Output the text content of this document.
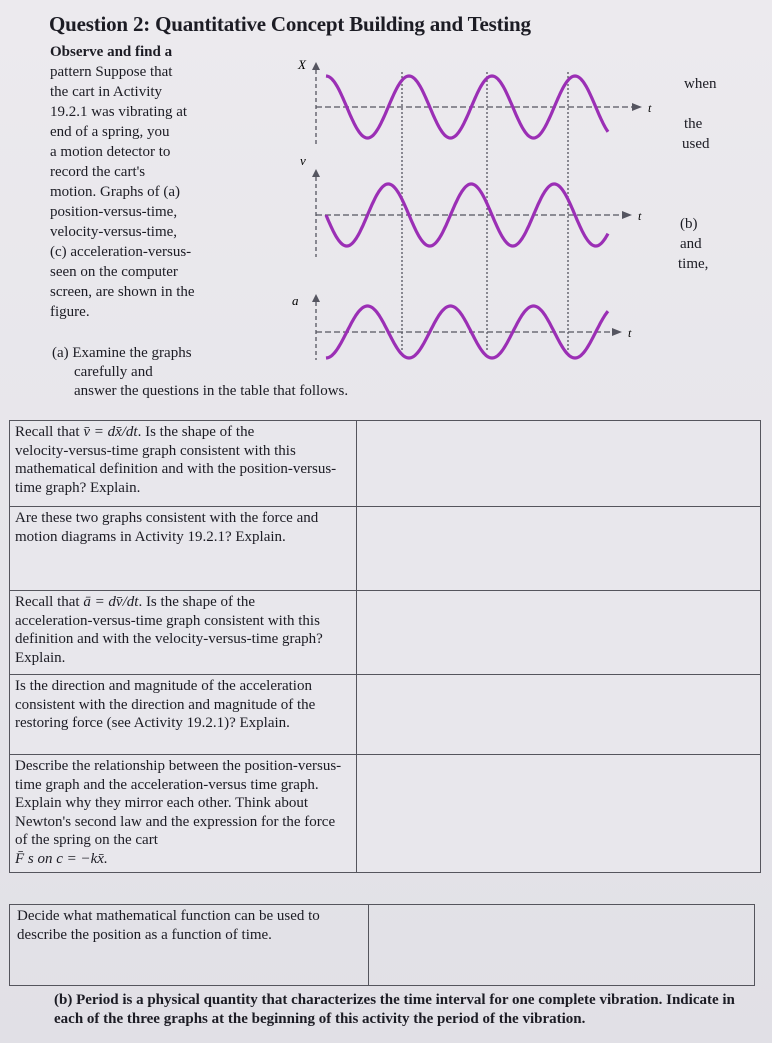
Question 2: Quantitative Concept Building and Testing
Observe and find a
pattern Suppose that
the cart in Activity
19.2.1 was vibrating at
end of a spring, you
a motion detector to
record the cart's
motion. Graphs of (a)
position-versus-time,
velocity-versus-time,
(c) acceleration-versus-
seen on the computer
screen, are shown in the
figure.
when
the
used
(b)
and
time,
X
t
v
t
a
t
(a) Examine the graphs
carefully and
answer the questions in the table that follows.
Recall that v̄ = dx̄/dt. Is the shape of the
velocity-versus-time graph consistent with this mathematical definition and with the position-versus-time graph? Explain.	

Are these two graphs consistent with the force and motion diagrams in Activity 19.2.1? Explain.	

Recall that ā = dv̄/dt. Is the shape of the
acceleration-versus-time graph consistent with this definition and with the velocity-versus-time graph? Explain.	

Is the direction and magnitude of the acceleration consistent with the direction and magnitude of the restoring force (see Activity 19.2.1)? Explain.	

Describe the relationship between the position-versus-time graph and the acceleration-versus time graph. Explain why they mirror each other. Think about Newton's second law and the expression for the force of the spring on the cart
F̄ s on c = −kx̄.	

Decide what mathematical function can be used to describe the position as a function of time.	
(b) Period is a physical quantity that characterizes the time interval for one complete vibration. Indicate in each of the three graphs at the beginning of this activity the period of the vibration.
